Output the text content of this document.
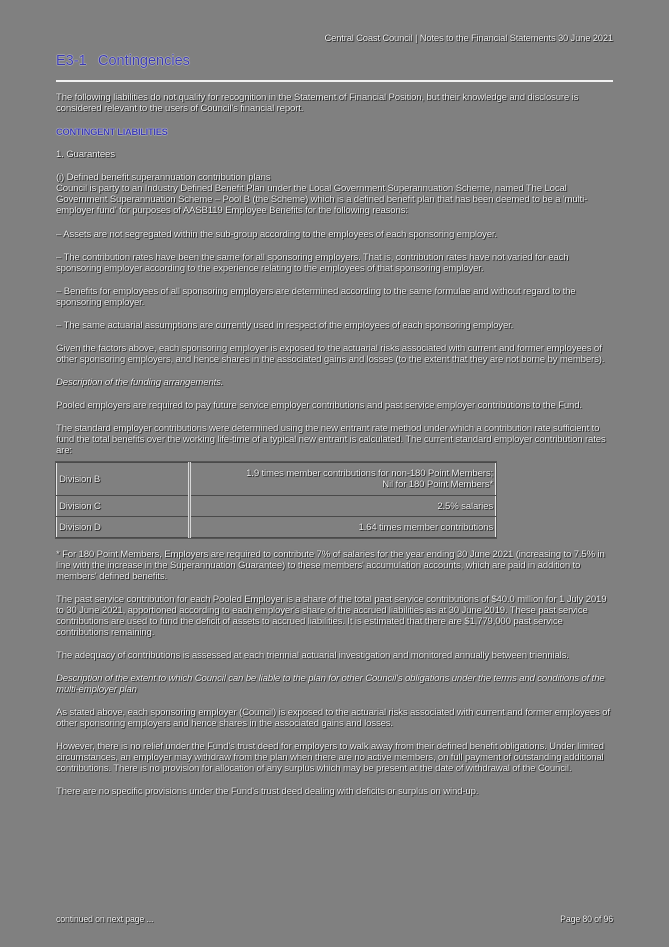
Central Coast Council | Notes to the Financial Statements 30 June 2021
E3-1 Contingencies

The following liabilities do not qualify for recognition in the Statement of Financial Position, but their knowledge and disclosure is considered relevant to the users of Council's financial report.

CONTINGENT LIABILITIES

1. Guarantees

(i) Defined benefit superannuation contribution plans
Council is party to an Industry Defined Benefit Plan under the Local Government Superannuation Scheme, named The Local Government Superannuation Scheme – Pool B (the Scheme) which is a defined benefit plan that has been deemed to be a 'multi-employer fund' for purposes of AASB119 Employee Benefits for the following reasons:

– Assets are not segregated within the sub-group according to the employees of each sponsoring employer.

– The contribution rates have been the same for all sponsoring employers. That is, contribution rates have not varied for each sponsoring employer according to the experience relating to the employees of that sponsoring employer.

– Benefits for employees of all sponsoring employers are determined according to the same formulae and without regard to the sponsoring employer.

– The same actuarial assumptions are currently used in respect of the employees of each sponsoring employer.

Given the factors above, each sponsoring employer is exposed to the actuarial risks associated with current and former employees of other sponsoring employers, and hence shares in the associated gains and losses (to the extent that they are not borne by members).

Description of the funding arrangements.

Pooled employers are required to pay future service employer contributions and past service employer contributions to the Fund.

The standard employer contributions were determined using the new entrant rate method under which a contribution rate sufficient to fund the total benefits over the working life-time of a typical new entrant is calculated. The current standard employer contribution rates are:

Division B	1.9 times member contributions for non-180 Point Members;
Nil for 180 Point Members*
Division C	2.5% salaries
Division D	1.64 times member contributions

* For 180 Point Members, Employers are required to contribute 7% of salaries for the year ending 30 June 2021 (increasing to 7.5% in line with the increase in the Superannuation Guarantee) to these members' accumulation accounts, which are paid in addition to members' defined benefits.

The past service contribution for each Pooled Employer is a share of the total past service contributions of $40.0 million for 1 July 2019 to 30 June 2021, apportioned according to each employer's share of the accrued liabilities as at 30 June 2019. These past service contributions are used to fund the deficit of assets to accrued liabilities. It is estimated that there are $1,779,000 past service contributions remaining.

The adequacy of contributions is assessed at each triennial actuarial investigation and monitored annually between triennials.

Description of the extent to which Council can be liable to the plan for other Council's obligations under the terms and conditions of the multi-employer plan

As stated above, each sponsoring employer (Council) is exposed to the actuarial risks associated with current and former employees of other sponsoring employers and hence shares in the associated gains and losses.

However, there is no relief under the Fund's trust deed for employers to walk away from their defined benefit obligations. Under limited circumstances, an employer may withdraw from the plan when there are no active members, on full payment of outstanding additional contributions. There is no provision for allocation of any surplus which may be present at the date of withdrawal of the Council.

There are no specific provisions under the Fund's trust deed dealing with deficits or surplus on wind-up.

continued on next page ...	Page 80 of 96
